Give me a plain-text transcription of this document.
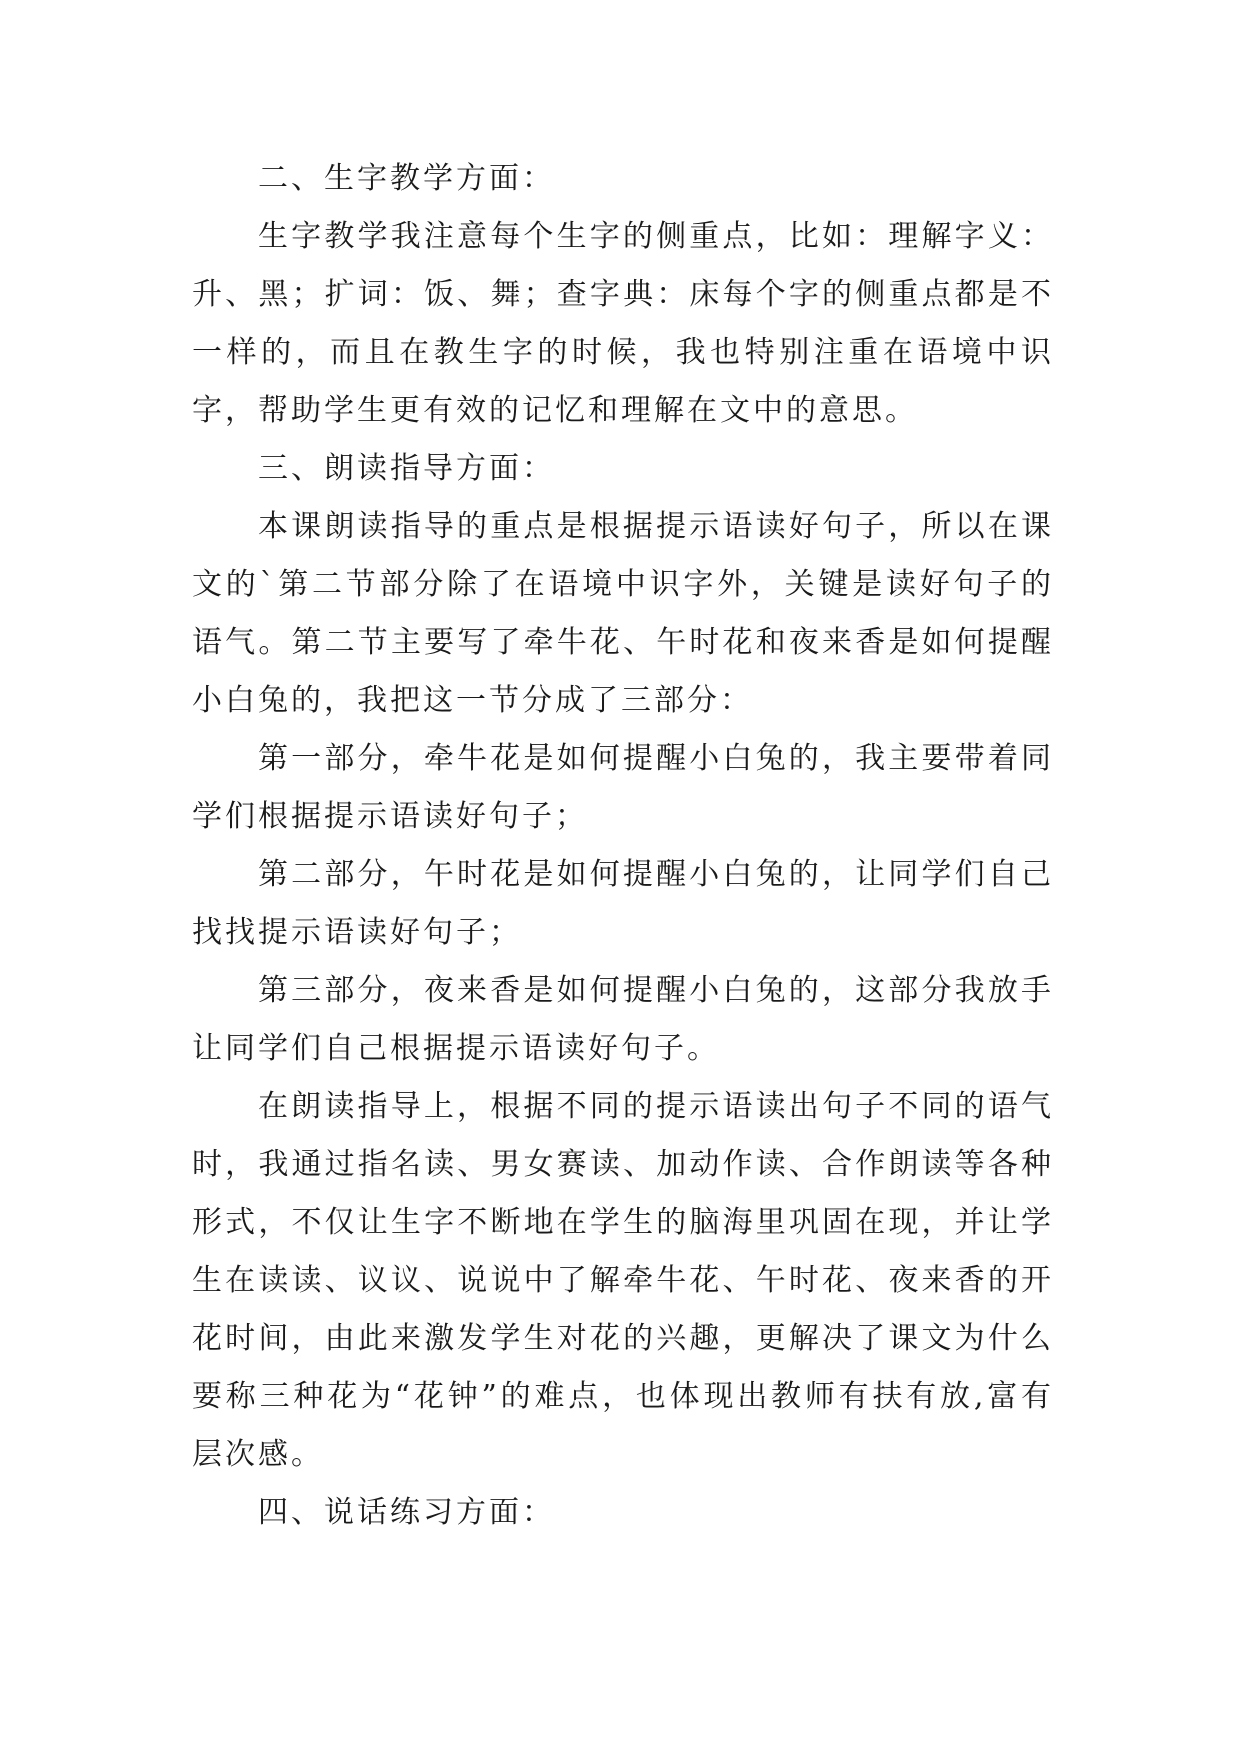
二、生字教学方面：

生字教学我注意每个生字的侧重点，比如：理解字义：升、黑；扩词：饭、舞；查字典：床每个字的侧重点都是不一样的，而且在教生字的时候，我也特别注重在语境中识字，帮助学生更有效的记忆和理解在文中的意思。

三、朗读指导方面：

本课朗读指导的重点是根据提示语读好句子，所以在课文的`第二节部分除了在语境中识字外，关键是读好句子的语气。第二节主要写了牵牛花、午时花和夜来香是如何提醒小白兔的，我把这一节分成了三部分：

第一部分，牵牛花是如何提醒小白兔的，我主要带着同学们根据提示语读好句子；

第二部分，午时花是如何提醒小白兔的，让同学们自己找找提示语读好句子；

第三部分，夜来香是如何提醒小白兔的，这部分我放手让同学们自己根据提示语读好句子。

在朗读指导上，根据不同的提示语读出句子不同的语气时，我通过指名读、男女赛读、加动作读、合作朗读等各种形式，不仅让生字不断地在学生的脑海里巩固在现，并让学生在读读、议议、说说中了解牵牛花、午时花、夜来香的开花时间，由此来激发学生对花的兴趣，更解决了课文为什么要称三种花为“花钟”的难点，也体现出教师有扶有放,富有层次感。

四、说话练习方面：
